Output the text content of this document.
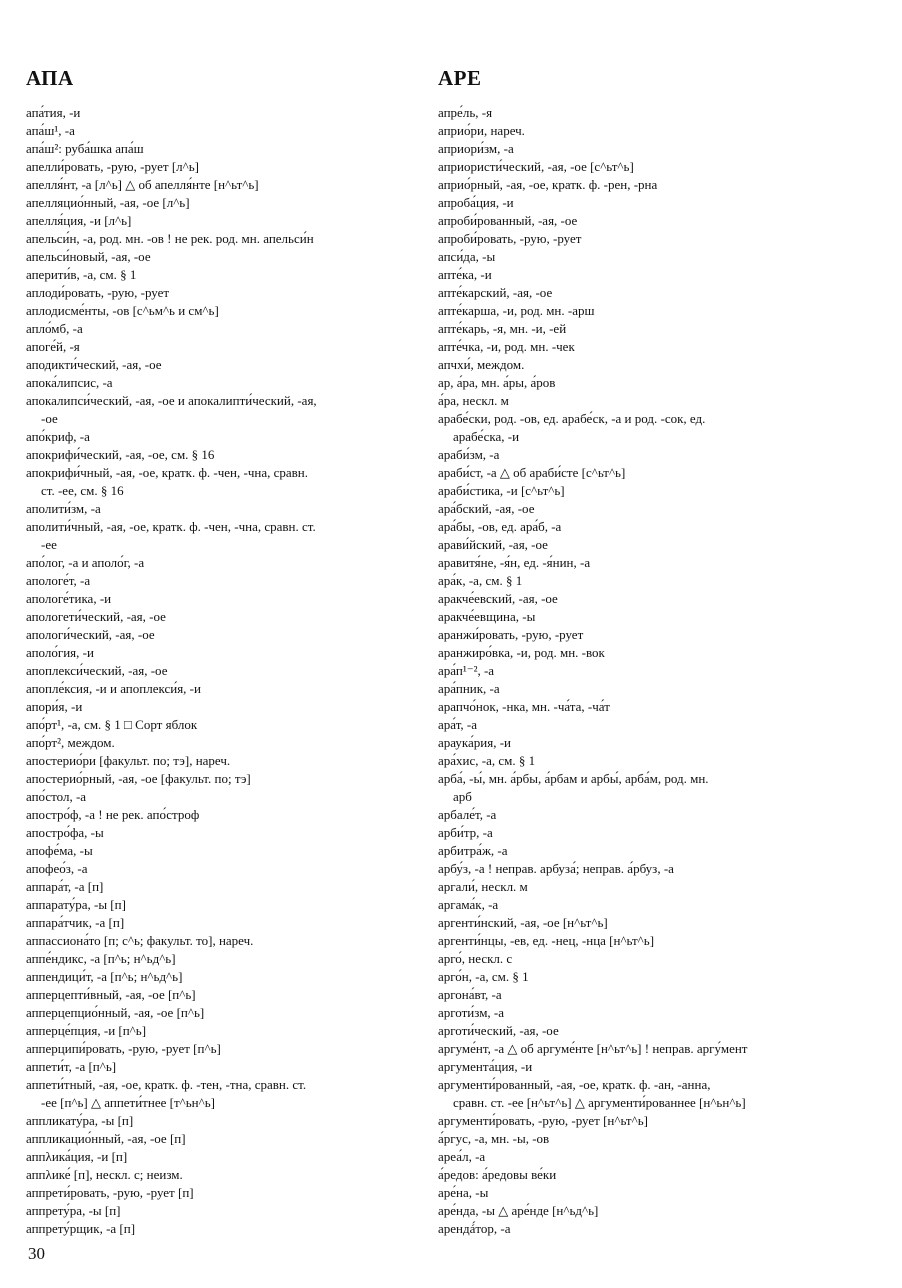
АПА
апа́тия, -и
апа́ш¹, -а
апа́ш²: руба́шка апа́ш
апелли́ровать, -рую, -рует [л^ь]
апелля́нт, -а [л^ь] △ об апелля́нте [н^ьт^ь]
апелляцио́нный, -ая, -ое [л^ь]
апелля́ция, -и [л^ь]
апельси́н, -а, род. мн. -ов ! не рек. род. мн. апельси́н
апельси́новый, -ая, -ое
аперити́в, -а, см. § 1
аплоди́ровать, -рую, -рует
аплодисме́нты, -ов [с^ьм^ь и см^ь]
апло́мб, -а
апоге́й, -я
аподикти́ческий, -ая, -ое
апока́липсис, -а
апокалипси́ческий, -ая, -ое и апокалипти́ческий, -ая,
-ое
апо́криф, -а
апокрифи́ческий, -ая, -ое, см. § 16
апокрифи́чный, -ая, -ое, кратк. ф. -чен, -чна, сравн.
ст. -ее, см. § 16
аполити́зм, -а
аполити́чный, -ая, -ое, кратк. ф. -чен, -чна, сравн. ст.
-ее
апо́лог, -а и аполо́г, -а
апологе́т, -а
апологе́тика, -и
апологети́ческий, -ая, -ое
апологи́ческий, -ая, -ое
аполо́гия, -и
апоплекси́ческий, -ая, -ое
апопле́ксия, -и и апоплекси́я, -и
апори́я, -и
апо́рт¹, -а, см. § 1 □ Сорт яблок
апо́рт², междом.
апостерио́ри [факульт. по; тэ], нареч.
апостерио́рный, -ая, -ое [факульт. по; тэ]
апо́стол, -а
апостро́ф, -а ! не рек. апо́строф
апостро́фа, -ы
апофе́ма, -ы
апофео́з, -а
аппара́т, -а [п]
аппарату́ра, -ы [п]
аппара́тчик, -а [п]
аппассиона́то [п; с^ь; факульт. то], нареч.
аппе́ндикс, -а [п^ь; н^ьд^ь]
аппендици́т, -а [п^ь; н^ьд^ь]
апперцепти́вный, -ая, -ое [п^ь]
апперцепцио́нный, -ая, -ое [п^ь]
апперце́пция, -и [п^ь]
апперципи́ровать, -рую, -рует [п^ь]
аппети́т, -а [п^ь]
аппети́тный, -ая, -ое, кратк. ф. -тен, -тна, сравн. ст.
-ее [п^ь] △ аппети́тнее [т^ьн^ь]
аппликату́ра, -ы [п]
аппликацио́нный, -ая, -ое [п]
аппλика́ция, -и [п]
аппλике́ [п], нескл. с; неизм.
аппрети́ровать, -рую, -рует [п]
аппрету́ра, -ы [п]
аппрету́рщик, -а [п]
АРЕ
апре́ль, -я
априо́ри, нареч.
априори́зм, -а
априористи́ческий, -ая, -ое [с^ьт^ь]
априо́рный, -ая, -ое, кратк. ф. -рен, -рна
апроба́ция, -и
апроби́рованный, -ая, -ое
апроби́ровать, -рую, -рует
апси́да, -ы
апте́ка, -и
апте́карский, -ая, -ое
апте́карша, -и, род. мн. -арш
апте́карь, -я, мн. -и, -ей
апте́чка, -и, род. мн. -чек
апчхи́, междом.
ар, а́ра, мн. а́ры, а́ров
а́ра, нескл. м
арабе́ски, род. -ов, ед. арабе́ск, -а и род. -сок, ед.
арабе́ска, -и
араби́зм, -а
араби́ст, -а △ об араби́сте [с^ьт^ь]
араби́стика, -и [с^ьт^ь]
ара́бский, -ая, -ое
ара́бы, -ов, ед. ара́б, -а
арави́йский, -ая, -ое
аравитя́не, -я́н, ед. -я́нин, -а
ара́к, -а, см. § 1
аракче́евский, -ая, -ое
аракче́евщина, -ы
аранжи́ровать, -рую, -рует
аранжиро́вка, -и, род. мн. -вок
ара́п¹⁻², -а
ара́пник, -а
арапчо́нок, -нка, мн. -ча́та, -ча́т
ара́т, -а
араука́рия, -и
ара́хис, -а, см. § 1
арба́, -ы́, мн. а́рбы, а́рбам и арбы́, арба́м, род. мн.
арб
арбале́т, -а
арби́тр, -а
арбитра́ж, -а
арбу́з, -а ! неправ. арбуза́; неправ. а́рбуз, -а
аргали́, нескл. м
аргама́к, -а
аргенти́нский, -ая, -ое [н^ьт^ь]
аргенти́нцы, -ев, ед. -нец, -нца [н^ьт^ь]
арго́, нескл. с
арго́н, -а, см. § 1
аргона́вт, -а
арготи́зм, -а
арготи́ческий, -ая, -ое
аргуме́нт, -а △ об аргуме́нте [н^ьт^ь] ! неправ. аргу́мент
аргумента́ция, -и
аргументи́рованный, -ая, -ое, кратк. ф. -ан, -анна,
сравн. ст. -ее [н^ьт^ь] △ аргументи́рованнее [н^ьн^ь]
аргументи́ровать, -рую, -рует [н^ьт^ь]
а́ргус, -а, мн. -ы, -ов
ареа́л, -а
а́редов: а́редовы ве́ки
аре́на, -ы
аре́нда, -ы △ аре́нде [н^ьд^ь]
арендá́тор, -а
30
